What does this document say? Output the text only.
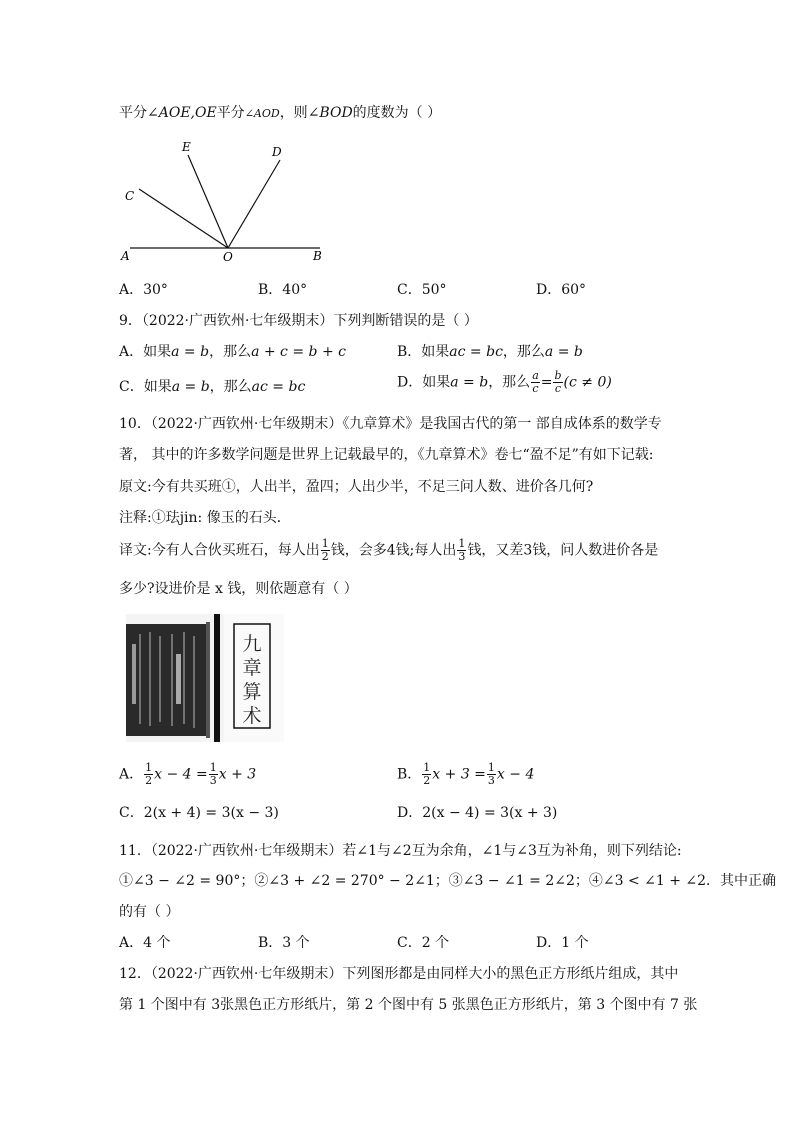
平分∠AOE,OE平分∠AOD，则∠BOD的度数为（ ）
E	D
C
A	O	B
A．30°	B．40°	C．50°	D．60°
9．（2022·广西钦州·七年级期末）下列判断错误的是（ ）
A．如果a = b，那么a + c = b + c	B．如果ac = bc，那么a = b
C．如果a = b，那么ac = bc	D．如果a = b，那么 $\frac{a}{c} = \frac{b}{c} (c \ne 0)$
10．（2022·广西钦州·七年级期末）《九章算术》是我国古代的第一 部自成体系的数学专
著， 其中的许多数学问题是世界上记载最早的，《九章算术》卷七“盈不足”有如下记载:
原文:今有共买班①，人出半，盈四；人出少半，不足三问人数、进价各几何?
注释:①珐jin: 像玉的石头．
译文:今有人合伙买班石，每人出 $\frac{1}{2}$ 钱，会多4钱;每人出 $\frac{1}{3}$ 钱，又差3钱，问人数进价各是
多少?设进价是 x 钱，则依题意有（ ）
九
章
算
术
A． $\frac{1}{2}$ $x - 4 = \frac{1}{3}$ x + 3	B． $\frac{1}{2}$ $x + 3 = \frac{1}{3}$ x − 4
C．2(x + 4) = 3(x − 3)	D．2(x − 4) = 3(x + 3)
11．（2022·广西钦州·七年级期末）若∠1与∠2互为余角，∠1与∠3互为补角，则下列结论:
①∠3 − ∠2 = 90°；②∠3 + ∠2 = 270° − 2∠1；③∠3 − ∠1 = 2∠2；④∠3 < ∠1 + ∠2．其中正确
的有（ ）
A．4 个	B．3 个	C．2 个	D．1 个
12．（2022·广西钦州·七年级期末）下列图形都是由同样大小的黑色正方形纸片组成，其中
第 1 个图中有 3张黑色正方形纸片，第 2 个图中有 5 张黑色正方形纸片，第 3 个图中有 7 张
